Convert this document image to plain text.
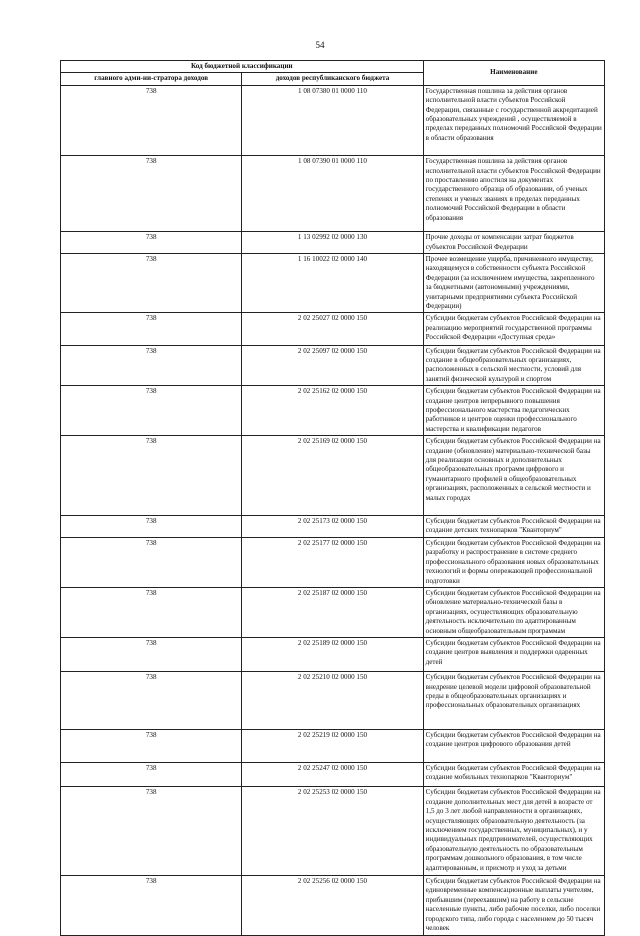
54
Код бюджетной классификации		Наименование
главного адми-ни-стратора доходов	доходов республиканского бюджета	
738	1 08 07380 01 0000 110	Государственная пошлина за действия органов исполнительной власти субъектов Российской Федерации, связанные с государственной аккредитацией образовательных учреждений , осуществляемой в пределах переданных полномочий Российской Федерации в области образования
738	1 08 07390 01 0000 110	Государственная пошлина за действия органов исполнительной власти субъектов Российской Федерации по проставлению апостиля на документах государственного образца об образовании, об ученых степенях и ученых званиях в пределах переданных полномочий Российской Федерации в области образования
738	1 13 02992 02 0000 130	Прочие доходы от компенсации затрат бюджетов субъектов Российской Федерации
738	1 16 10022 02 0000 140	Прочее возмещение ущерба, причиненного имуществу, находящемуся в собственности субъекта Российской Федерации (за исключением имущества, закрепленного за бюджетными (автономными) учреждениями, унитарными предприятиями субъекта Российской Федерации)
738	2 02 25027 02 0000 150	Субсидии бюджетам субъектов Российской Федерации на реализацию мероприятий государственной программы Российской Федерации «Доступная среда»
738	2 02 25097 02 0000 150	Субсидии бюджетам субъектов Российской Федерации на создание в общеобразовательных организациях, расположенных в сельской местности, условий для занятий физической культурой и спортом
738	2 02 25162 02 0000 150	Субсидии бюджетам субъектов Российской Федерации на создание центров непрерывного повышения профессионального мастерства педагогических работников и центров оценки профессионального мастерства и квалификации педагогов
738	2 02 25169 02 0000 150	Субсидии бюджетам субъектов Российской Федерации на создание (обновление) материально-технической базы для реализации основных и дополнительных общеобразовательных программ цифрового и гуманитарного профилей в общеобразовательных организациях, расположенных в сельской местности и малых городах
738	2 02 25173 02 0000 150	Субсидии бюджетам субъектов Российской Федерации на создание детских технопарков "Кванториум"
738	2 02 25177 02 0000 150	Субсидии бюджетам субъектов Российской Федерации на разработку и распространение в системе среднего профессионального образования новых образовательных технологий и формы опережающей профессиональной подготовки
738	2 02 25187 02 0000 150	Субсидии бюджетам субъектов Российской Федерации на обновление материально-технической базы в организациях, осуществляющих образовательную деятельность исключительно по адаптированным основным общеобразовательным программам
738	2 02 25189 02 0000 150	Субсидии бюджетам субъектов Российской Федерации на создание центров выявления и поддержки одаренных детей
738	2 02 25210 02 0000 150	Субсидии бюджетам субъектов Российской Федерации на внедрение целевой модели цифровой образовательной среды в общеобразовательных организациях и профессиональных образовательных организациях
738	2 02 25219 02 0000 150	Субсидии бюджетам субъектов Российской Федерации на создание центров цифрового образования детей
738	2 02 25247 02 0000 150	Субсидии бюджетам субъектов Российской Федерации на создание мобильных технопарков "Кванториум"
738	2 02 25253 02 0000 150	Субсидии бюджетам субъектов Российской Федерации на создание дополнительных мест для детей в возрасте от 1,5 до 3 лет любой направленности в организациях, осуществляющих образовательную деятельность (за исключением государственных, муниципальных), и у индивидуальных предпринимателей, осуществляющих образовательную деятельность по образовательным программам дошкольного образования, в том числе адаптированным, и присмотр и уход за детьми
738	2 02 25256 02 0000 150	Субсидии бюджетам субъектов Российской Федерации на единовременные компенсационные выплаты учителям, прибывшим (переехавшим) на работу в сельские населенные пункты, либо рабочие поселки, либо поселки городского типа, либо города с населением до 50 тысяч человек
